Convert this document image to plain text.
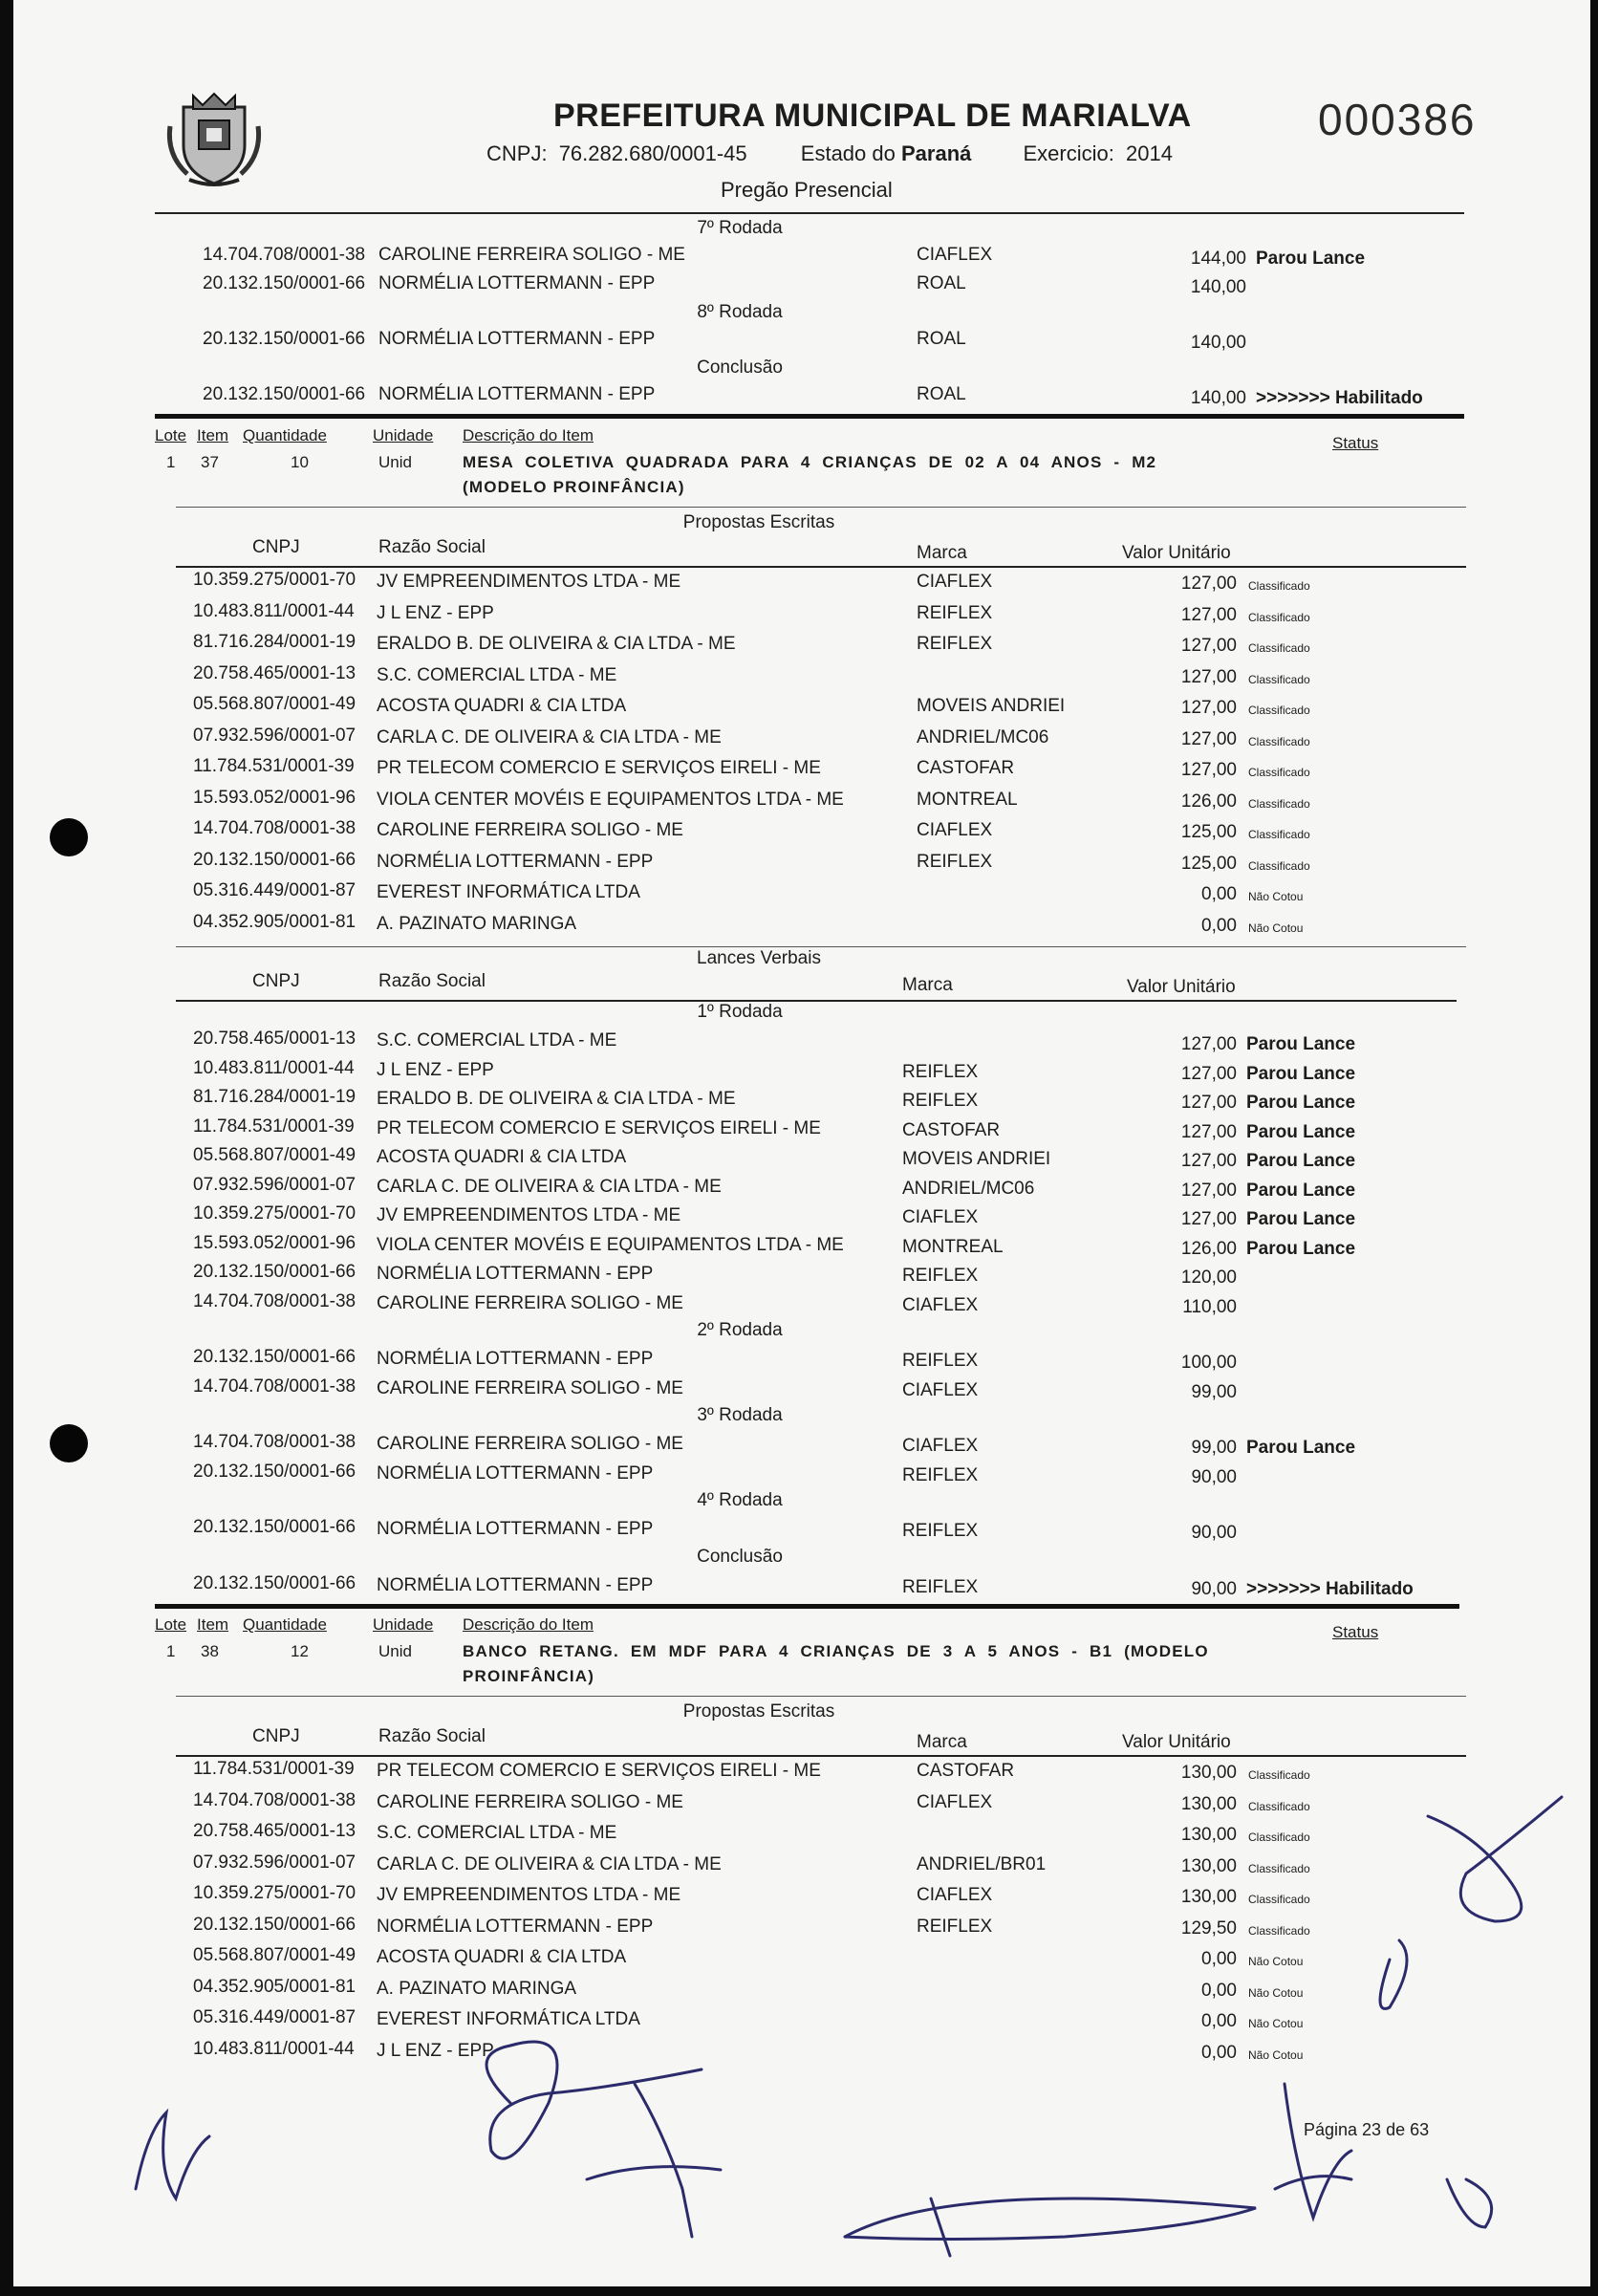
PREFEITURA MUNICIPAL DE MARIALVA
CNPJ: 76.282.680/0001-45	Estado do Paraná Exercicio: 2014
Pregão Presencial
000386
7º Rodada
14.704.708/0001-38 CAROLINE FERREIRA SOLIGO - ME	CIAFLEX	144,00 Parou Lance
20.132.150/0001-66 NORMÉLIA LOTTERMANN - EPP	ROAL	140,00
8º Rodada
20.132.150/0001-66 NORMÉLIA LOTTERMANN - EPP	ROAL	140,00
Conclusão
20.132.150/0001-66 NORMÉLIA LOTTERMANN - EPP	ROAL	140,00 >>>>>>> Habilitado
Lote Item Quantidade	Unidade Descrição do Item	Status
1 37	10	Unid	MESA COLETIVA QUADRADA PARA 4 CRIANÇAS DE 02 A 04 ANOS - M2
(MODELO PROINFÂNCIA)
Propostas Escritas
CNPJ	Razão Social	Marca	Valor Unitário
10.359.275/0001-70 JV EMPREENDIMENTOS LTDA - ME	CIAFLEX	127,00 Classificado
10.483.811/0001-44 J L ENZ - EPP	REIFLEX	127,00 Classificado
81.716.284/0001-19 ERALDO B. DE OLIVEIRA & CIA LTDA - ME	REIFLEX	127,00 Classificado
20.758.465/0001-13 S.C. COMERCIAL LTDA - ME	127,00 Classificado
05.568.807/0001-49 ACOSTA QUADRI & CIA LTDA	MOVEIS ANDRIEI	127,00 Classificado
07.932.596/0001-07 CARLA C. DE OLIVEIRA & CIA LTDA - ME	ANDRIEL/MC06	127,00 Classificado
11.784.531/0001-39 PR TELECOM COMERCIO E SERVIÇOS EIRELI - ME	CASTOFAR	127,00 Classificado
15.593.052/0001-96 VIOLA CENTER MOVÉIS E EQUIPAMENTOS LTDA - ME	MONTREAL	126,00 Classificado
14.704.708/0001-38 CAROLINE FERREIRA SOLIGO - ME	CIAFLEX	125,00 Classificado
20.132.150/0001-66 NORMÉLIA LOTTERMANN - EPP	REIFLEX	125,00 Classificado
05.316.449/0001-87 EVEREST INFORMÁTICA LTDA	0,00 Não Cotou
04.352.905/0001-81 A. PAZINATO MARINGA	0,00 Não Cotou
Lances Verbais
CNPJ	Razão Social	Marca	Valor Unitário
1º Rodada
20.758.465/0001-13 S.C. COMERCIAL LTDA - ME	127,00 Parou Lance
10.483.811/0001-44 J L ENZ - EPP	REIFLEX	127,00 Parou Lance
81.716.284/0001-19 ERALDO B. DE OLIVEIRA & CIA LTDA - ME	REIFLEX	127,00 Parou Lance
11.784.531/0001-39 PR TELECOM COMERCIO E SERVIÇOS EIRELI - ME	CASTOFAR	127,00 Parou Lance
05.568.807/0001-49 ACOSTA QUADRI & CIA LTDA	MOVEIS ANDRIEI	127,00 Parou Lance
07.932.596/0001-07 CARLA C. DE OLIVEIRA & CIA LTDA - ME	ANDRIEL/MC06	127,00 Parou Lance
10.359.275/0001-70 JV EMPREENDIMENTOS LTDA - ME	CIAFLEX	127,00 Parou Lance
15.593.052/0001-96 VIOLA CENTER MOVÉIS E EQUIPAMENTOS LTDA - ME	MONTREAL	126,00 Parou Lance
20.132.150/0001-66 NORMÉLIA LOTTERMANN - EPP	REIFLEX	120,00
14.704.708/0001-38 CAROLINE FERREIRA SOLIGO - ME	CIAFLEX	110,00
2º Rodada
20.132.150/0001-66 NORMÉLIA LOTTERMANN - EPP	REIFLEX	100,00
14.704.708/0001-38 CAROLINE FERREIRA SOLIGO - ME	CIAFLEX	99,00
3º Rodada
14.704.708/0001-38 CAROLINE FERREIRA SOLIGO - ME	CIAFLEX	99,00 Parou Lance
20.132.150/0001-66 NORMÉLIA LOTTERMANN - EPP	REIFLEX	90,00
4º Rodada
20.132.150/0001-66 NORMÉLIA LOTTERMANN - EPP	REIFLEX	90,00
Conclusão
20.132.150/0001-66 NORMÉLIA LOTTERMANN - EPP	REIFLEX	90,00 >>>>>>> Habilitado
Lote Item Quantidade	Unidade Descrição do Item	Status
1 38	12	Unid	BANCO RETANG. EM MDF PARA 4 CRIANÇAS DE 3 A 5 ANOS - B1 (MODELO
PROINFÂNCIA)
Propostas Escritas
CNPJ	Razão Social	Marca	Valor Unitário
11.784.531/0001-39 PR TELECOM COMERCIO E SERVIÇOS EIRELI - ME	CASTOFAR	130,00 Classificado
14.704.708/0001-38 CAROLINE FERREIRA SOLIGO - ME	CIAFLEX	130,00 Classificado
20.758.465/0001-13 S.C. COMERCIAL LTDA - ME	130,00 Classificado
07.932.596/0001-07 CARLA C. DE OLIVEIRA & CIA LTDA - ME	ANDRIEL/BR01	130,00 Classificado
10.359.275/0001-70 JV EMPREENDIMENTOS LTDA - ME	CIAFLEX	130,00 Classificado
20.132.150/0001-66 NORMÉLIA LOTTERMANN - EPP	REIFLEX	129,50 Classificado
05.568.807/0001-49 ACOSTA QUADRI & CIA LTDA	0,00 Não Cotou
04.352.905/0001-81 A. PAZINATO MARINGA	0,00 Não Cotou
05.316.449/0001-87 EVEREST INFORMÁTICA LTDA	0,00 Não Cotou
10.483.811/0001-44 J L ENZ - EPP	0,00 Não Cotou
Página 23 de 63
